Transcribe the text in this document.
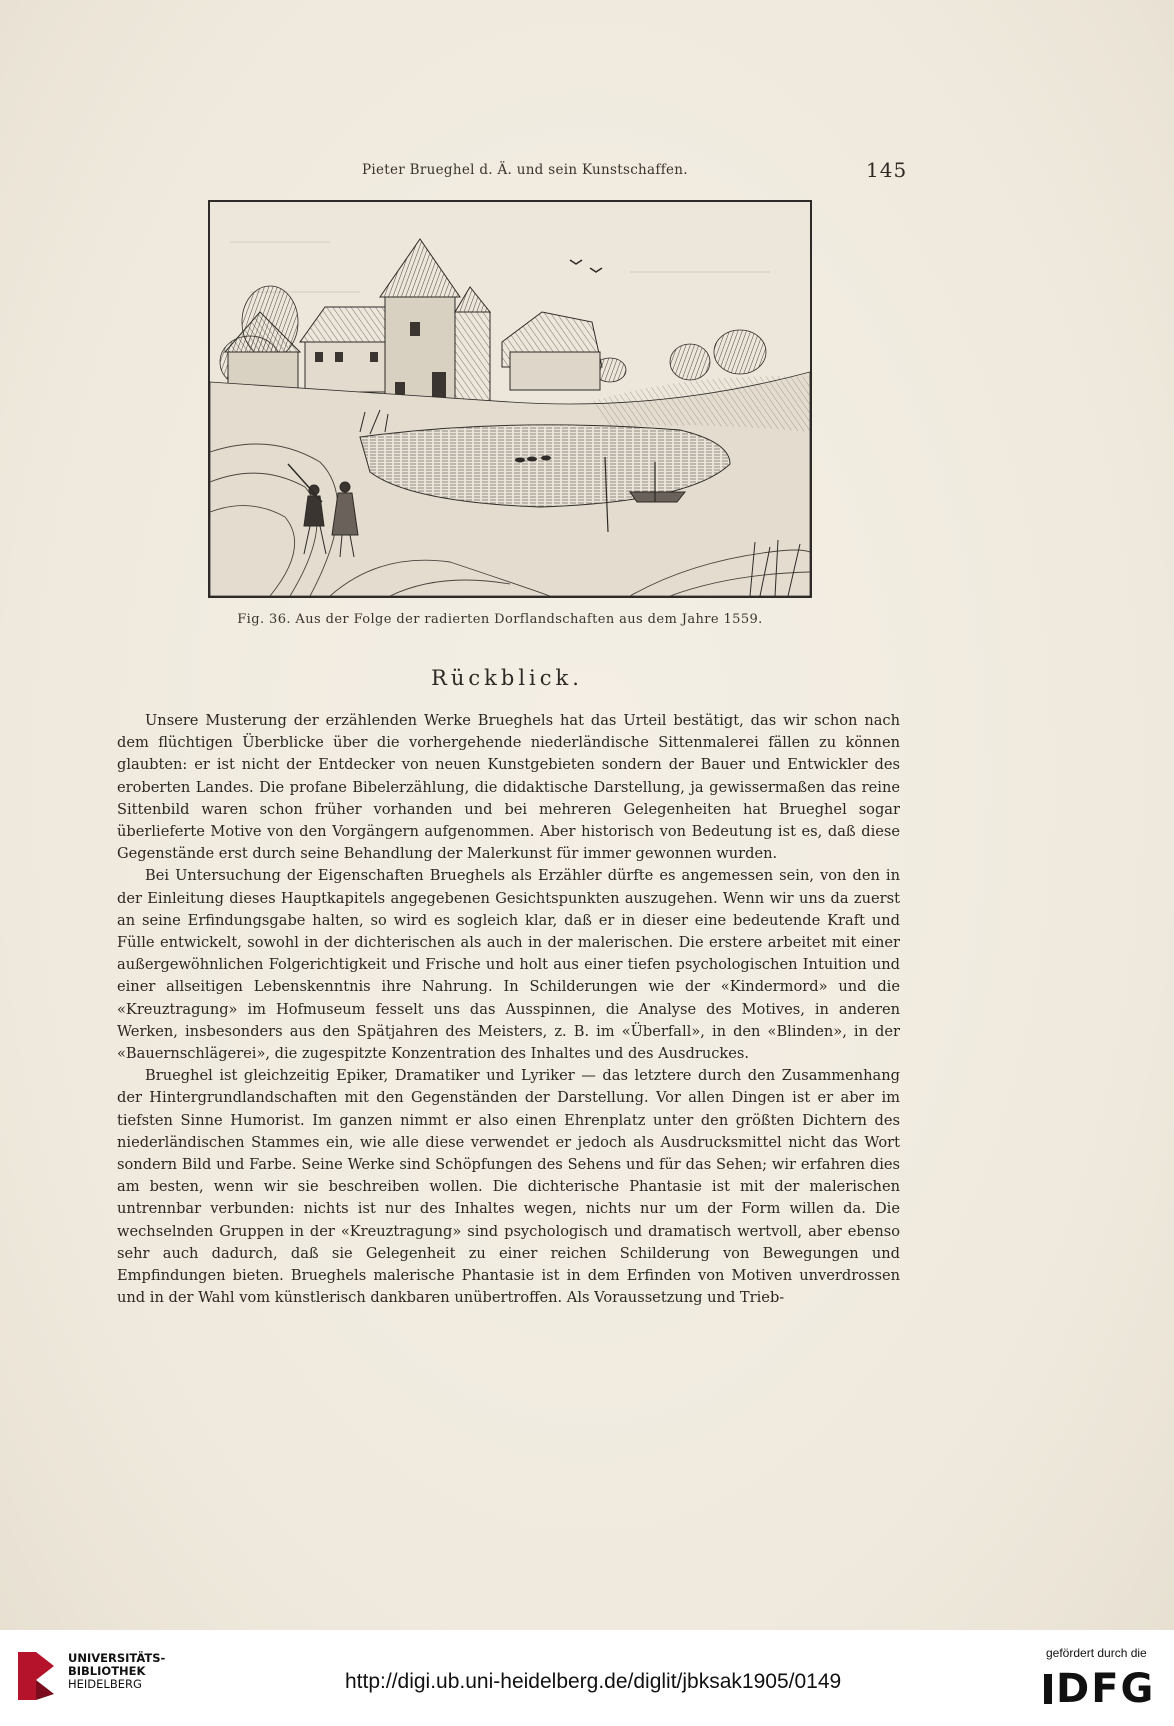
Pieter Brueghel d. Ä. und sein Kunstschaffen.	145
Fig. 36. Aus der Folge der radierten Dorflandschaften aus dem Jahre 1559.
Rückblick.

Unsere Musterung der erzählenden Werke Brueghels hat das Urteil bestätigt, das wir schon nach dem flüchtigen Überblicke über die vorhergehende niederländische Sittenmalerei fällen zu können glaubten: er ist nicht der Entdecker von neuen Kunstgebieten sondern der Bauer und Entwickler des eroberten Landes. Die profane Bibelerzählung, die didaktische Darstellung, ja gewissermaßen das reine Sittenbild waren schon früher vorhanden und bei mehreren Gelegenheiten hat Brueghel sogar überlieferte Motive von den Vorgängern aufgenommen. Aber historisch von Bedeutung ist es, daß diese Gegenstände erst durch seine Behandlung der Malerkunst für immer gewonnen wurden.

Bei Untersuchung der Eigenschaften Brueghels als Erzähler dürfte es angemessen sein, von den in der Einleitung dieses Hauptkapitels angegebenen Gesichtspunkten auszugehen. Wenn wir uns da zuerst an seine Erfindungsgabe halten, so wird es sogleich klar, daß er in dieser eine bedeutende Kraft und Fülle entwickelt, sowohl in der dichterischen als auch in der malerischen. Die erstere arbeitet mit einer außergewöhnlichen Folgerichtigkeit und Frische und holt aus einer tiefen psychologischen Intuition und einer allseitigen Lebenskenntnis ihre Nahrung. In Schilderungen wie der «Kindermord» und die «Kreuztragung» im Hofmuseum fesselt uns das Ausspinnen, die Analyse des Motives, in anderen Werken, insbesonders aus den Spätjahren des Meisters, z. B. im «Überfall», in den «Blinden», in der «Bauernschlägerei», die zugespitzte Konzentration des Inhaltes und des Ausdruckes.

Brueghel ist gleichzeitig Epiker, Dramatiker und Lyriker — das letztere durch den Zusammenhang der Hintergrundlandschaften mit den Gegenständen der Darstellung. Vor allen Dingen ist er aber im tiefsten Sinne Humorist. Im ganzen nimmt er also einen Ehrenplatz unter den größten Dichtern des niederländischen Stammes ein, wie alle diese verwendet er jedoch als Ausdrucksmittel nicht das Wort sondern Bild und Farbe. Seine Werke sind Schöpfungen des Sehens und für das Sehen; wir erfahren dies am besten, wenn wir sie beschreiben wollen. Die dichterische Phantasie ist mit der malerischen untrennbar verbunden: nichts ist nur des Inhaltes wegen, nichts nur um der Form willen da. Die wechselnden Gruppen in der «Kreuztragung» sind psychologisch und dramatisch wertvoll, aber ebenso sehr auch dadurch, daß sie Gelegenheit zu einer reichen Schilderung von Bewegungen und Empfindungen bieten. Brueghels malerische Phantasie ist in dem Erfinden von Motiven unverdrossen und in der Wahl vom künstlerisch dankbaren unübertroffen. Als Voraussetzung und Trieb-

UNIVERSITÄTS-
BIBLIOTHEK
HEIDELBERG	http://digi.ub.uni-heidelberg.de/diglit/jbksak1905/0149
gefördert durch die
DFG
